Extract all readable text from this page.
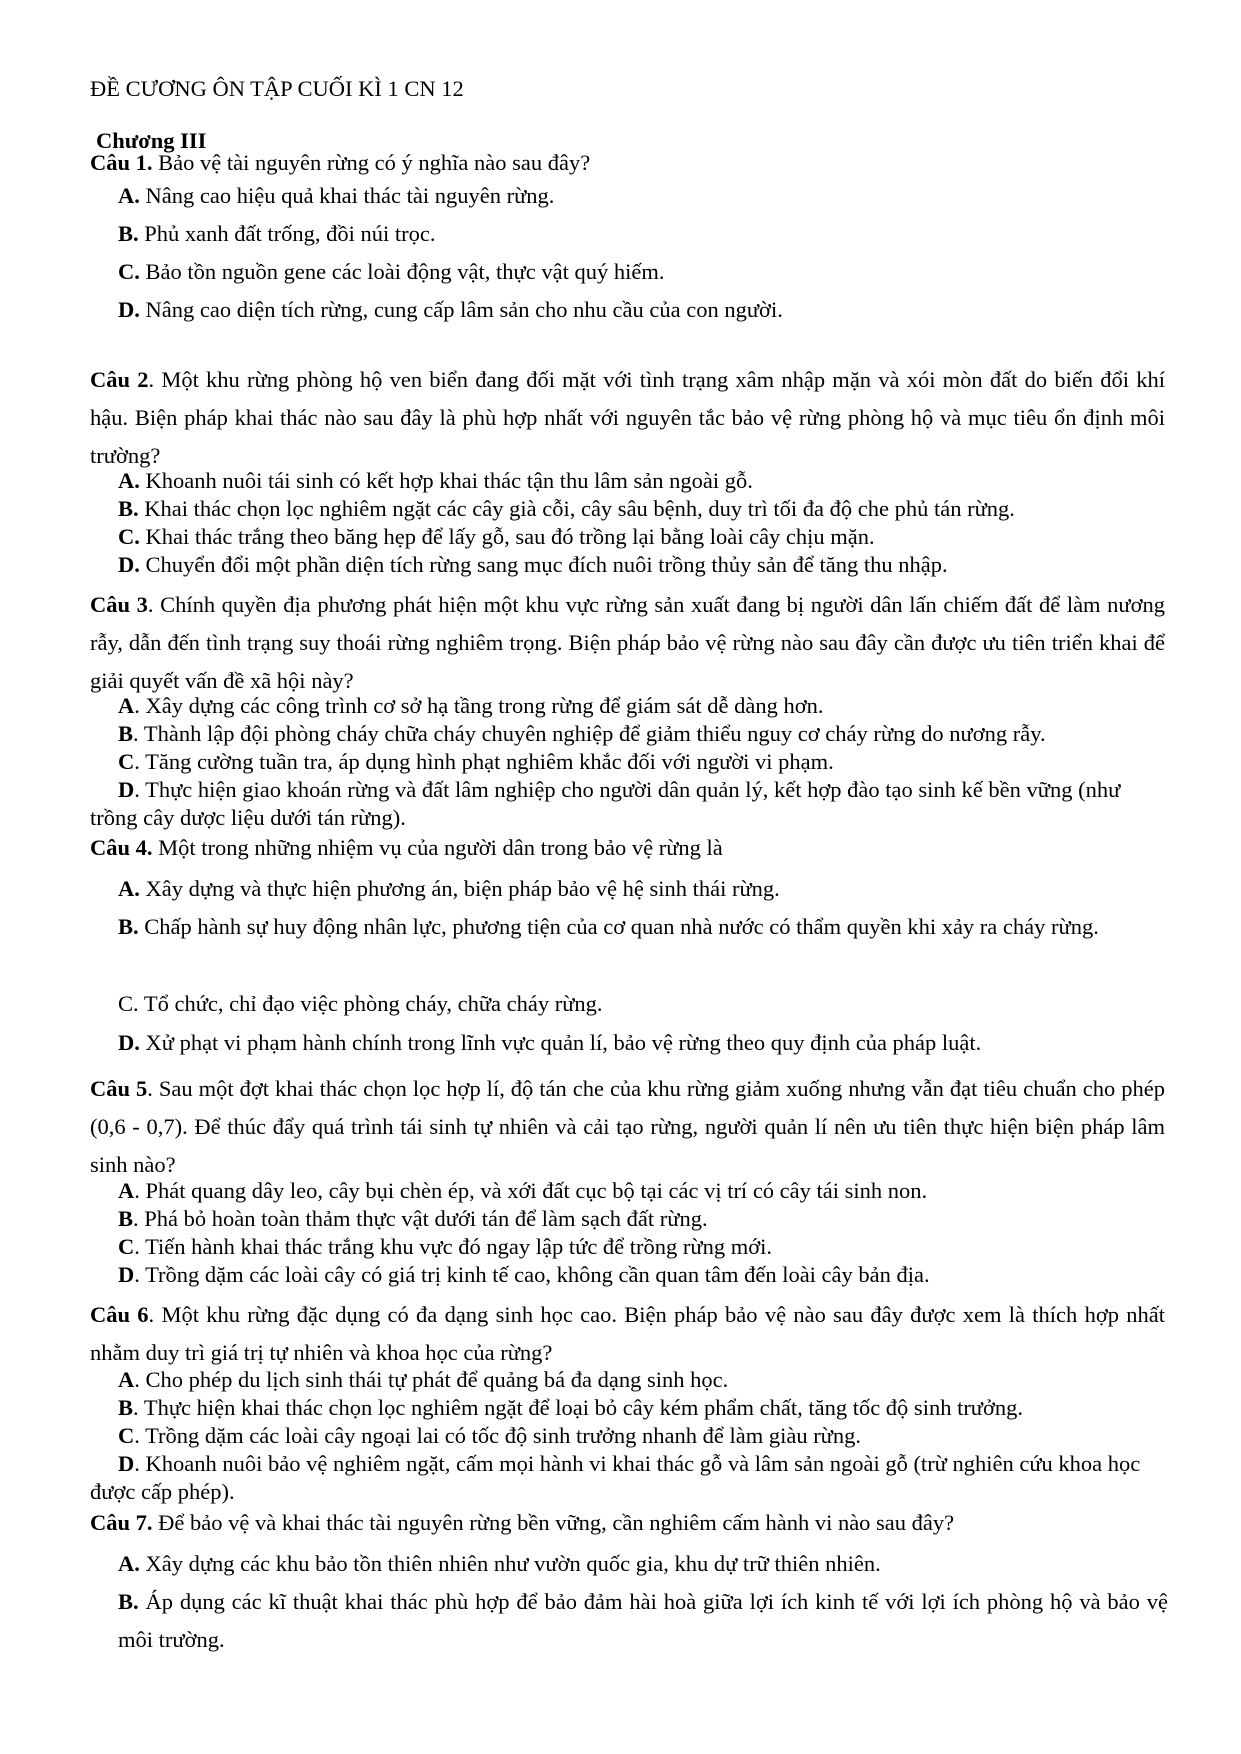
ĐỀ CƯƠNG ÔN TẬP CUỐI KÌ 1 CN 12
Chương III
Câu 1. Bảo vệ tài nguyên rừng có ý nghĩa nào sau đây?
A. Nâng cao hiệu quả khai thác tài nguyên rừng.
B. Phủ xanh đất trống, đồi núi trọc.
C. Bảo tồn nguồn gene các loài động vật, thực vật quý hiếm.
D. Nâng cao diện tích rừng, cung cấp lâm sản cho nhu cầu của con người.
Câu 2. Một khu rừng phòng hộ ven biển đang đối mặt với tình trạng xâm nhập mặn và xói mòn đất do biến đổi khí hậu. Biện pháp khai thác nào sau đây là phù hợp nhất với nguyên tắc bảo vệ rừng phòng hộ và mục tiêu ổn định môi trường?
A. Khoanh nuôi tái sinh có kết hợp khai thác tận thu lâm sản ngoài gỗ.
B. Khai thác chọn lọc nghiêm ngặt các cây già cỗi, cây sâu bệnh, duy trì tối đa độ che phủ tán rừng.
C. Khai thác trắng theo băng hẹp để lấy gỗ, sau đó trồng lại bằng loài cây chịu mặn.
D. Chuyển đổi một phần diện tích rừng sang mục đích nuôi trồng thủy sản để tăng thu nhập.
Câu 3. Chính quyền địa phương phát hiện một khu vực rừng sản xuất đang bị người dân lấn chiếm đất để làm nương rẫy, dẫn đến tình trạng suy thoái rừng nghiêm trọng. Biện pháp bảo vệ rừng nào sau đây cần được ưu tiên triển khai để giải quyết vấn đề xã hội này?
A. Xây dựng các công trình cơ sở hạ tầng trong rừng để giám sát dễ dàng hơn.
B. Thành lập đội phòng cháy chữa cháy chuyên nghiệp để giảm thiểu nguy cơ cháy rừng do nương rẫy.
C. Tăng cường tuần tra, áp dụng hình phạt nghiêm khắc đối với người vi phạm.
D. Thực hiện giao khoán rừng và đất lâm nghiệp cho người dân quản lý, kết hợp đào tạo sinh kế bền vững (như trồng cây dược liệu dưới tán rừng).
Câu 4. Một trong những nhiệm vụ của người dân trong bảo vệ rừng là
A. Xây dựng và thực hiện phương án, biện pháp bảo vệ hệ sinh thái rừng.
B. Chấp hành sự huy động nhân lực, phương tiện của cơ quan nhà nước có thẩm quyền khi xảy ra cháy rừng.
C. Tổ chức, chỉ đạo việc phòng cháy, chữa cháy rừng.
D. Xử phạt vi phạm hành chính trong lĩnh vực quản lí, bảo vệ rừng theo quy định của pháp luật.
Câu 5. Sau một đợt khai thác chọn lọc hợp lí, độ tán che của khu rừng giảm xuống nhưng vẫn đạt tiêu chuẩn cho phép (0,6 - 0,7). Để thúc đẩy quá trình tái sinh tự nhiên và cải tạo rừng, người quản lí nên ưu tiên thực hiện biện pháp lâm sinh nào?
A. Phát quang dây leo, cây bụi chèn ép, và xới đất cục bộ tại các vị trí có cây tái sinh non.
B. Phá bỏ hoàn toàn thảm thực vật dưới tán để làm sạch đất rừng.
C. Tiến hành khai thác trắng khu vực đó ngay lập tức để trồng rừng mới.
D. Trồng dặm các loài cây có giá trị kinh tế cao, không cần quan tâm đến loài cây bản địa.
Câu 6. Một khu rừng đặc dụng có đa dạng sinh học cao. Biện pháp bảo vệ nào sau đây được xem là thích hợp nhất nhằm duy trì giá trị tự nhiên và khoa học của rừng?
A. Cho phép du lịch sinh thái tự phát để quảng bá đa dạng sinh học.
B. Thực hiện khai thác chọn lọc nghiêm ngặt để loại bỏ cây kém phẩm chất, tăng tốc độ sinh trưởng.
C. Trồng dặm các loài cây ngoại lai có tốc độ sinh trưởng nhanh để làm giàu rừng.
D. Khoanh nuôi bảo vệ nghiêm ngặt, cấm mọi hành vi khai thác gỗ và lâm sản ngoài gỗ (trừ nghiên cứu khoa học được cấp phép).
Câu 7. Để bảo vệ và khai thác tài nguyên rừng bền vững, cần nghiêm cấm hành vi nào sau đây?
A. Xây dựng các khu bảo tồn thiên nhiên như vườn quốc gia, khu dự trữ thiên nhiên.
B. Áp dụng các kĩ thuật khai thác phù hợp để bảo đảm hài hoà giữa lợi ích kinh tế với lợi ích phòng hộ và bảo vệ môi trường.
